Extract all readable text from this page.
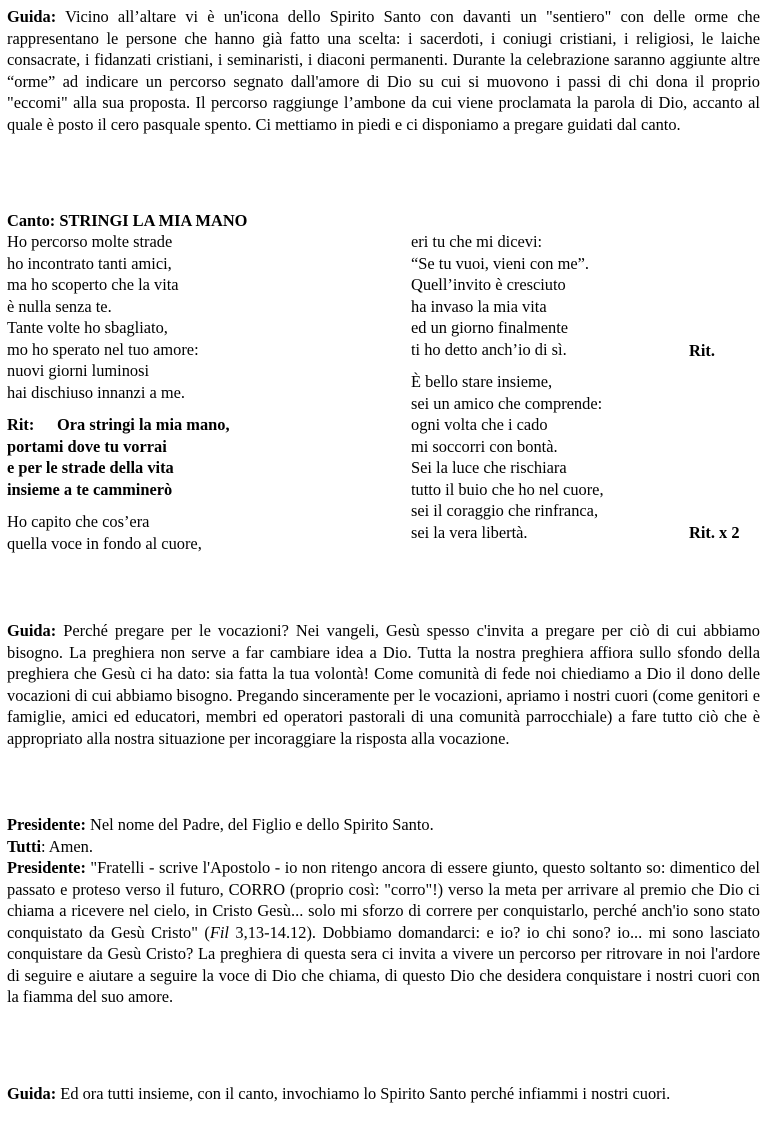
Guida: Vicino all’altare vi è un'icona dello Spirito Santo con davanti un "sentiero" con delle orme che rappresentano le persone che hanno già fatto una scelta: i sacerdoti, i coniugi cristiani, i religiosi, le laiche consacrate, i fidanzati cristiani, i seminaristi, i diaconi permanenti. Durante la celebrazione saranno aggiunte altre “orme” ad indicare un percorso segnato dall'amore di Dio su cui si muovono i passi di chi dona il proprio "eccomi" alla sua proposta. Il percorso raggiunge l’ambone da cui viene proclamata la parola di Dio, accanto al quale è posto il cero pasquale spento. Ci mettiamo in piedi e ci disponiamo a pregare guidati dal canto.

Canto: STRINGI LA MIA MANO

Ho percorso molte strade
ho incontrato tanti amici,
ma ho scoperto che la vita
è nulla senza te.
Tante volte ho sbagliato,
mo ho sperato nel tuo amore:
nuovi giorni luminosi
hai dischiuso innanzi a me.
Rit: Ora stringi la mia mano,
portami dove tu vorrai
e per le strade della vita
insieme a te camminerò
Ho capito che cos’era
quella voce in fondo al cuore,
eri tu che mi dicevi:
“Se tu vuoi, vieni con me”.
Quell’invito è cresciuto
ha invaso la mia vita
ed un giorno finalmente
ti ho detto anch’io di sì.
È bello stare insieme,
sei un amico che comprende:
ogni volta che i cado
mi soccorri con bontà.
Sei la luce che rischiara
tutto il buio che ho nel cuore,
sei il coraggio che rinfranca,
sei la vera libertà.
Rit.
Rit. x 2

Guida: Perché pregare per le vocazioni? Nei vangeli, Gesù spesso c'invita a pregare per ciò di cui abbiamo bisogno. La preghiera non serve a far cambiare idea a Dio. Tutta la nostra preghiera affiora sullo sfondo della preghiera che Gesù ci ha dato: sia fatta la tua volontà! Come comunità di fede noi chiediamo a Dio il dono delle vocazioni di cui abbiamo bisogno. Pregando sinceramente per le vocazioni, apriamo i nostri cuori (come genitori e famiglie, amici ed educatori, membri ed operatori pastorali di una comunità parrocchiale) a fare tutto ciò che è appropriato alla nostra situazione per incoraggiare la risposta alla vocazione.

Presidente: Nel nome del Padre, del Figlio e dello Spirito Santo.

Tutti: Amen.

Presidente: "Fratelli - scrive l'Apostolo - io non ritengo ancora di essere giunto, questo soltanto so: dimentico del passato e proteso verso il futuro, CORRO (proprio così: "corro"!) verso la meta per arrivare al premio che Dio ci chiama a ricevere nel cielo, in Cristo Gesù... solo mi sforzo di correre per conquistarlo, perché anch'io sono stato conquistato da Gesù Cristo" (Fil 3,13-14.12). Dobbiamo domandarci: e io? io chi sono? io... mi sono lasciato conquistare da Gesù Cristo? La preghiera di questa sera ci invita a vivere un percorso per ritrovare in noi l'ardore di seguire e aiutare a seguire la voce di Dio che chiama, di questo Dio che desidera conquistare i nostri cuori con la fiamma del suo amore.

Guida: Ed ora tutti insieme, con il canto, invochiamo lo Spirito Santo perché infiammi i nostri cuori.
